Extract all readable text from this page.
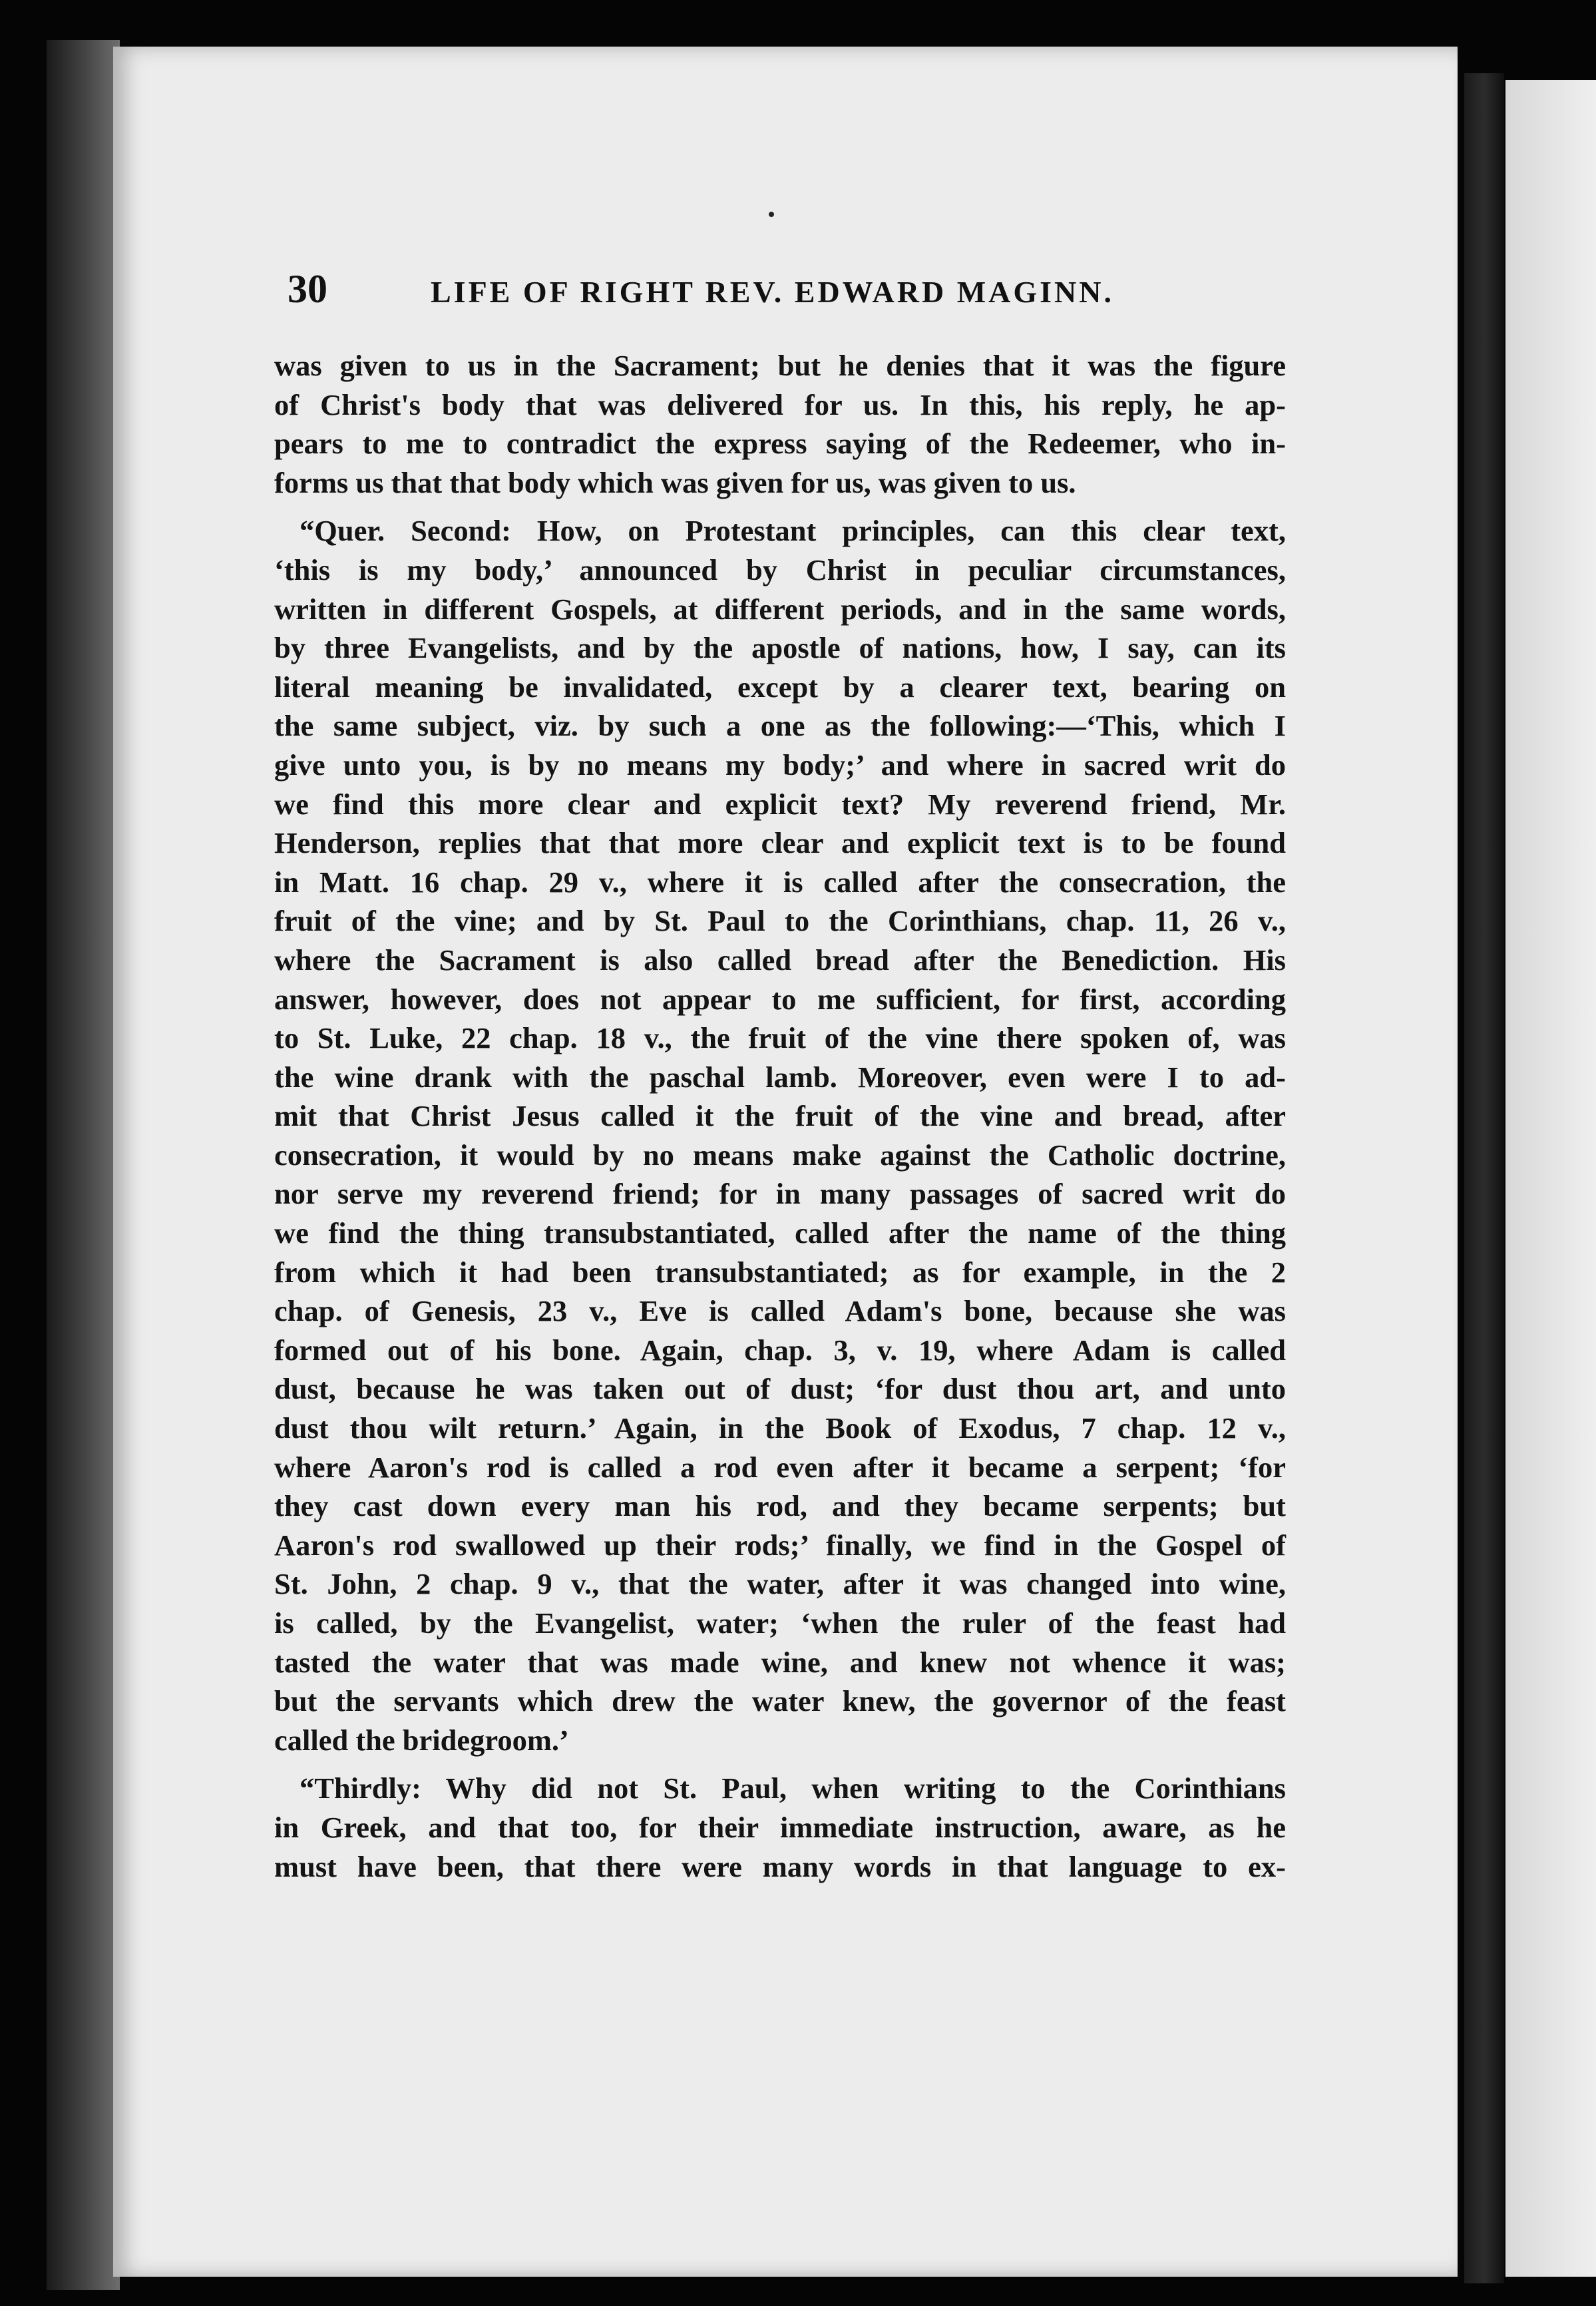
30	LIFE OF RIGHT REV. EDWARD MAGINN.
was given to us in the Sacrament; but he denies that it was the figure
of Christ's body that was delivered for us. In this, his reply, he ap-
pears to me to contradict the express saying of the Redeemer, who in-
forms us that that body which was given for us, was given to us.
“Quer. Second: How, on Protestant principles, can this clear text,
‘this is my body,’ announced by Christ in peculiar circumstances,
written in different Gospels, at different periods, and in the same words,
by three Evangelists, and by the apostle of nations, how, I say, can its
literal meaning be invalidated, except by a clearer text, bearing on
the same subject, viz. by such a one as the following:—‘This, which I
give unto you, is by no means my body;’ and where in sacred writ do
we find this more clear and explicit text? My reverend friend, Mr.
Henderson, replies that that more clear and explicit text is to be found
in Matt. 16 chap. 29 v., where it is called after the consecration, the
fruit of the vine; and by St. Paul to the Corinthians, chap. 11, 26 v.,
where the Sacrament is also called bread after the Benediction. His
answer, however, does not appear to me sufficient, for first, according
to St. Luke, 22 chap. 18 v., the fruit of the vine there spoken of, was
the wine drank with the paschal lamb. Moreover, even were I to ad-
mit that Christ Jesus called it the fruit of the vine and bread, after
consecration, it would by no means make against the Catholic doctrine,
nor serve my reverend friend; for in many passages of sacred writ do
we find the thing transubstantiated, called after the name of the thing
from which it had been transubstantiated; as for example, in the 2
chap. of Genesis, 23 v., Eve is called Adam's bone, because she was
formed out of his bone. Again, chap. 3, v. 19, where Adam is called
dust, because he was taken out of dust; ‘for dust thou art, and unto
dust thou wilt return.’ Again, in the Book of Exodus, 7 chap. 12 v.,
where Aaron's rod is called a rod even after it became a serpent; ‘for
they cast down every man his rod, and they became serpents; but
Aaron's rod swallowed up their rods;’ finally, we find in the Gospel of
St. John, 2 chap. 9 v., that the water, after it was changed into wine,
is called, by the Evangelist, water; ‘when the ruler of the feast had
tasted the water that was made wine, and knew not whence it was;
but the servants which drew the water knew, the governor of the feast
called the bridegroom.’
“Thirdly: Why did not St. Paul, when writing to the Corinthians
in Greek, and that too, for their immediate instruction, aware, as he
must have been, that there were many words in that language to ex-
